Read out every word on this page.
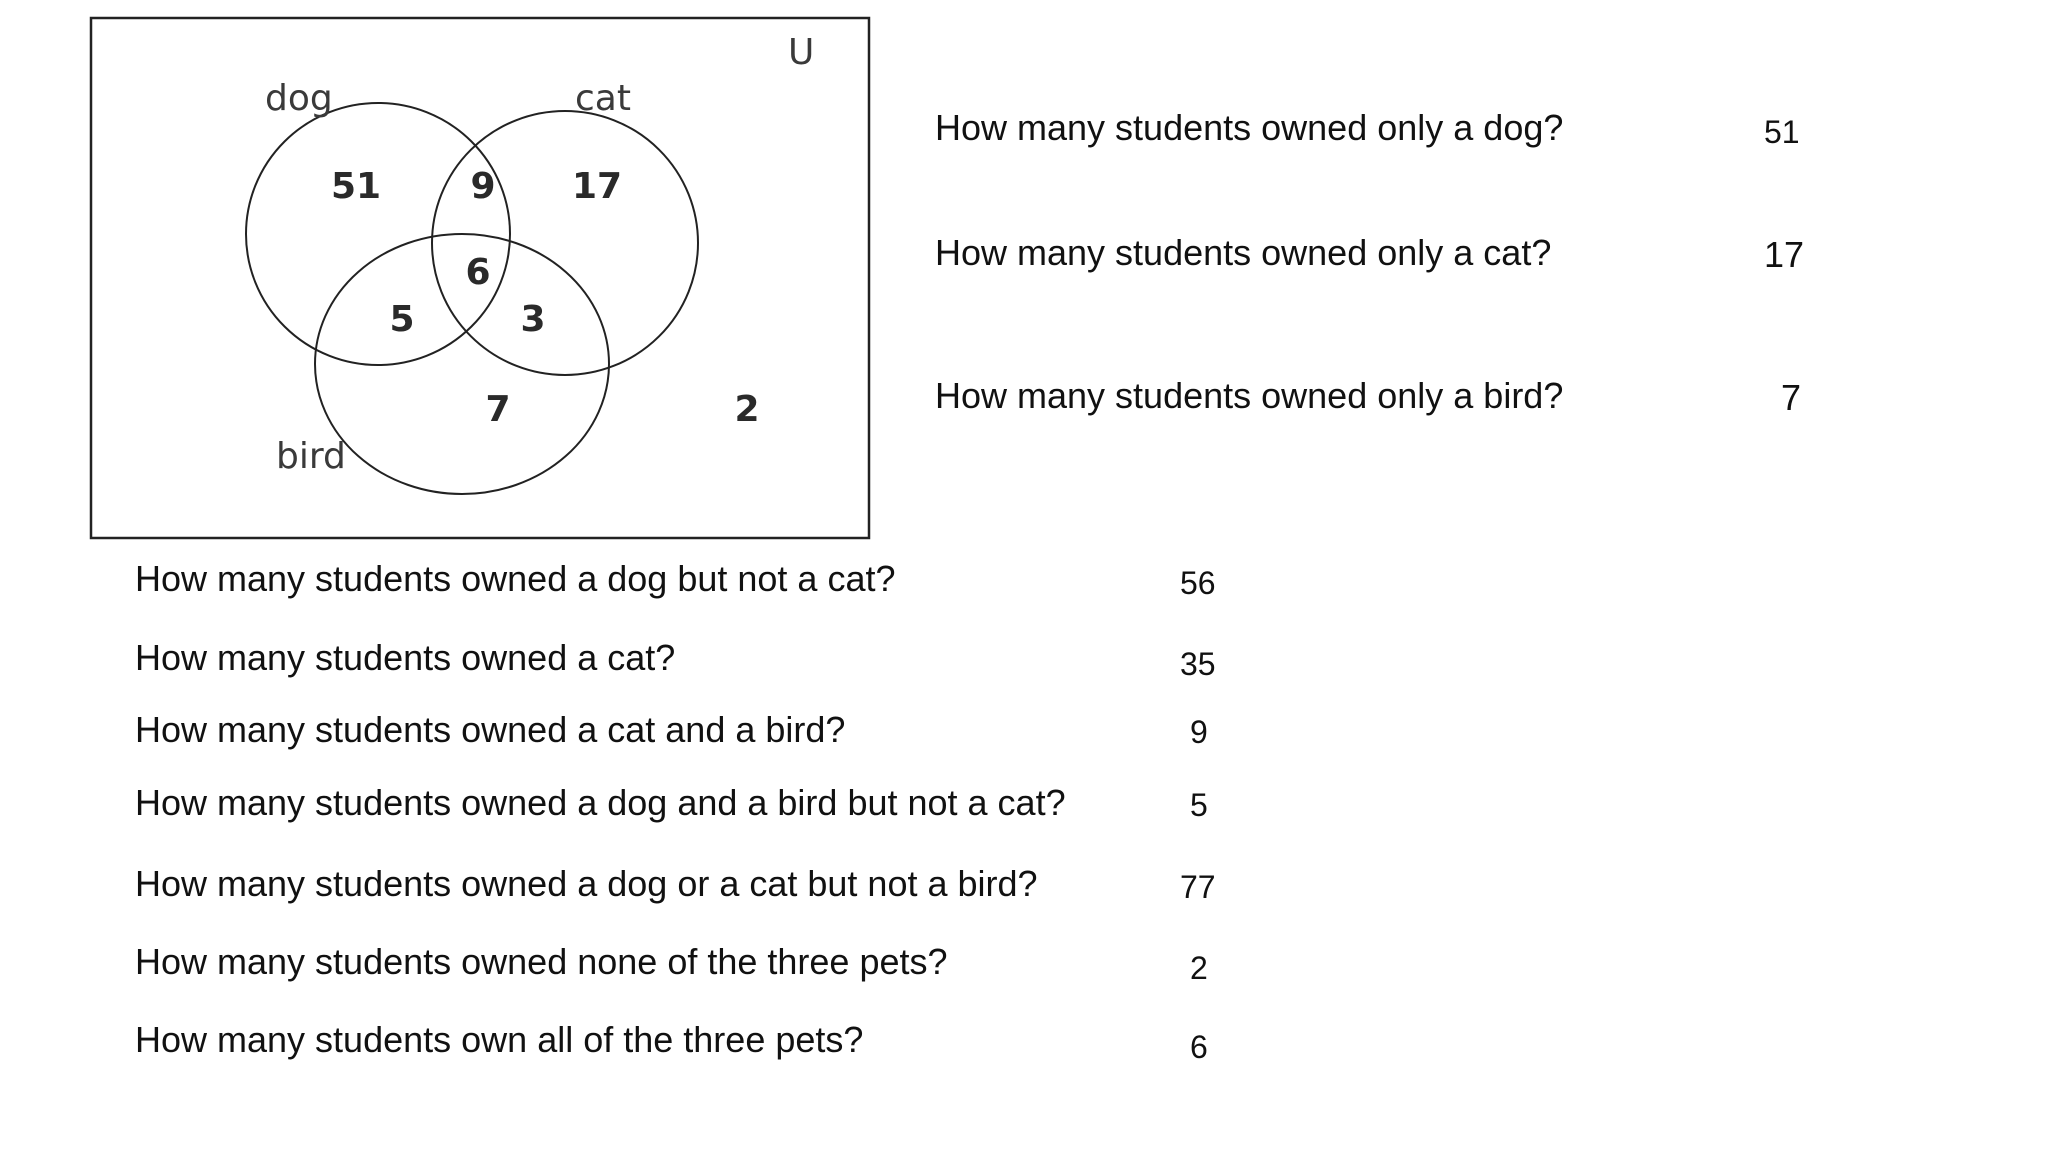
U
dog	cat
bird
51 9 17
6
5	3
7	2
How many students owned only a dog?	51
How many students owned only a cat?	17
How many students owned only a bird?	7
How many students owned a dog but not a cat?	56
How many students owned a cat?	35
How many students owned a cat and a bird?	9
How many students owned a dog and a bird but not a cat?	5
How many students owned a dog or a cat but not a bird?	77
How many students owned none of the three pets?	2
How many students own all of the three pets?	6
